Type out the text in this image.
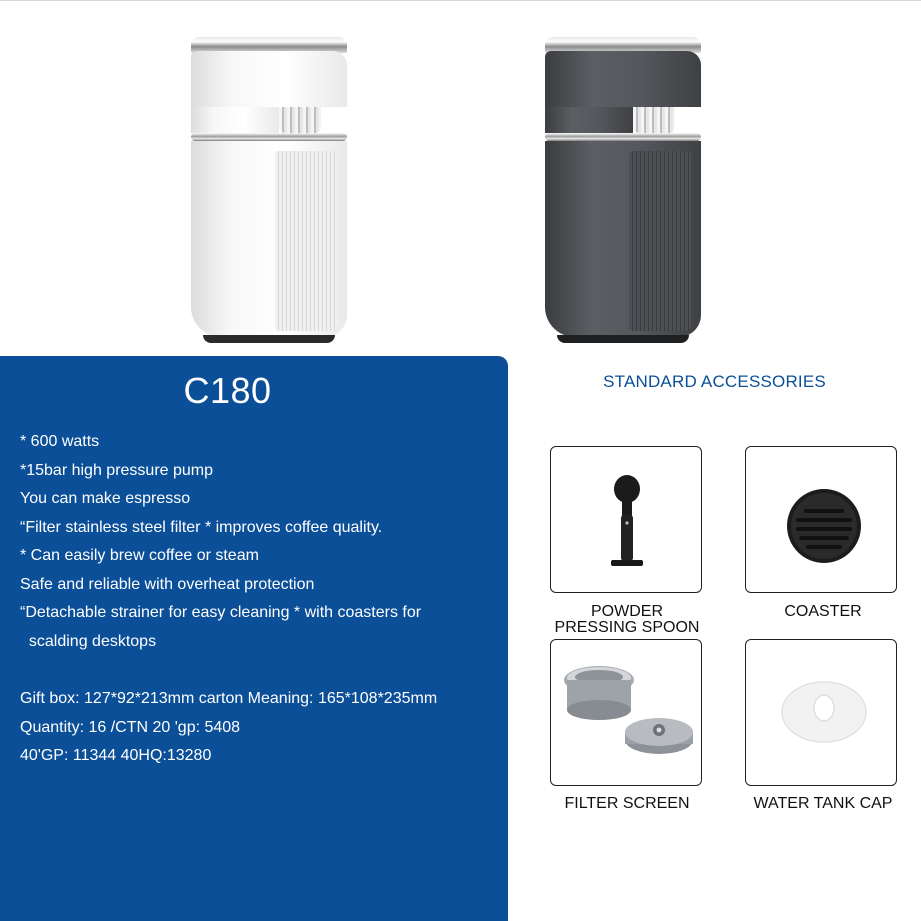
C180
* 600 watts
*15bar high pressure pump
You can make espresso
“Filter stainless steel filter * improves coffee quality.
* Can easily brew coffee or steam
Safe and reliable with overheat protection
“Detachable strainer for easy cleaning * with coasters for
scalding desktops
Gift box: 127*92*213mm carton Meaning: 165*108*235mm
Quantity: 16 /CTN 20 'gp: 5408
40'GP: 11344 40HQ:13280
STANDARD ACCESSORIES
POWDER
PRESSING SPOON
COASTER
FILTER SCREEN	WATER TANK CAP
